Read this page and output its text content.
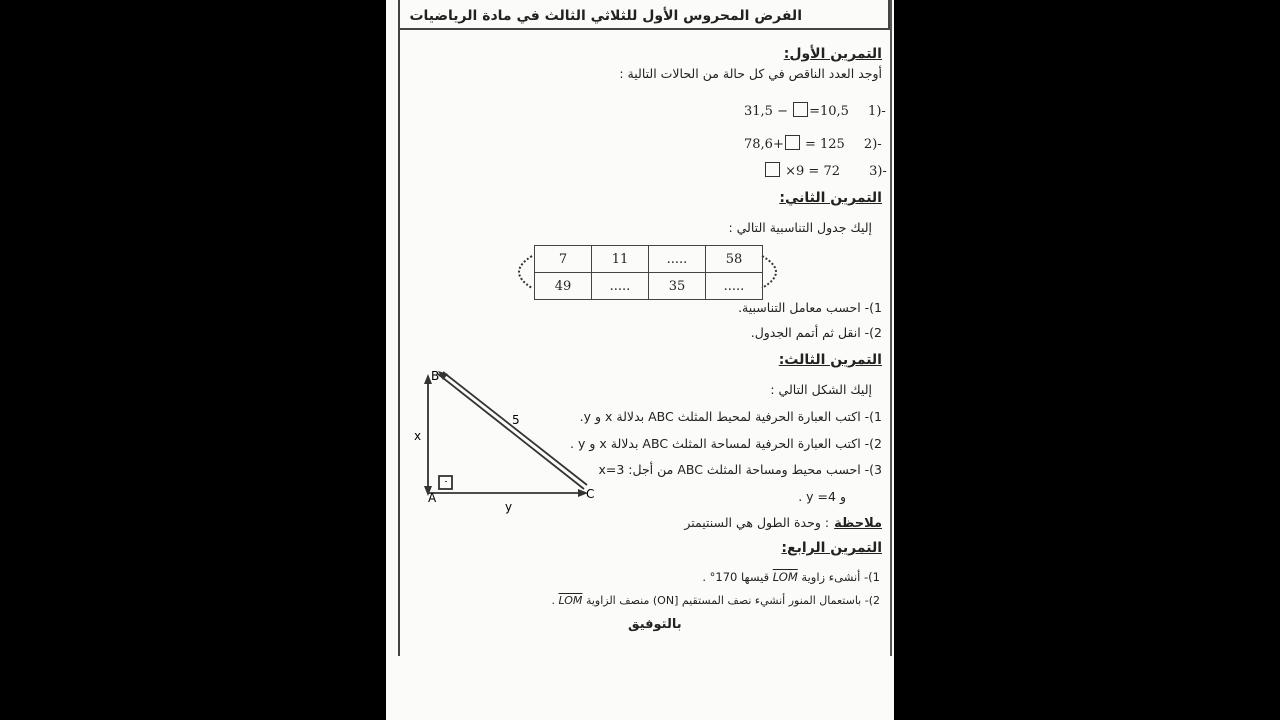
الفرض المحروس الأول للثلاثي الثالث في مادة الرياضيات
التمرين الأول:
أوجد العدد الناقص في كل حالة من الحالات التالية :
31,5 − =10,5 1)-
78,6+ = 125 2)-
×9 = 72 3)-
التمرين الثاني:
إليك جدول التناسبية التالي :
7	11	.....	58
49	.....	35	.....
1)- احسب معامل التناسبية.
2)- انقل ثم أتمم الجدول.
التمرين الثالث:
إليك الشكل التالي :
1)- اكتب العبارة الحرفية لمحيط المثلث ABC بدلالة x و y.
2)- اكتب العبارة الحرفية لمساحة المثلث ABC بدلالة x و y .
3)- احسب محيط ومساحة المثلث ABC من أجل: x=3
و y =4 .
ملاحظة : وحدة الطول هي السنتيمتر
B
A	C
x
y
5
التمرين الرابع:
1)- أنشىء زاوية LOM قيسها 170° .
2)- باستعمال المنور أنشيء نصف المستقيم [ON) منصف الزاوية LOM .
بالتوفيق
